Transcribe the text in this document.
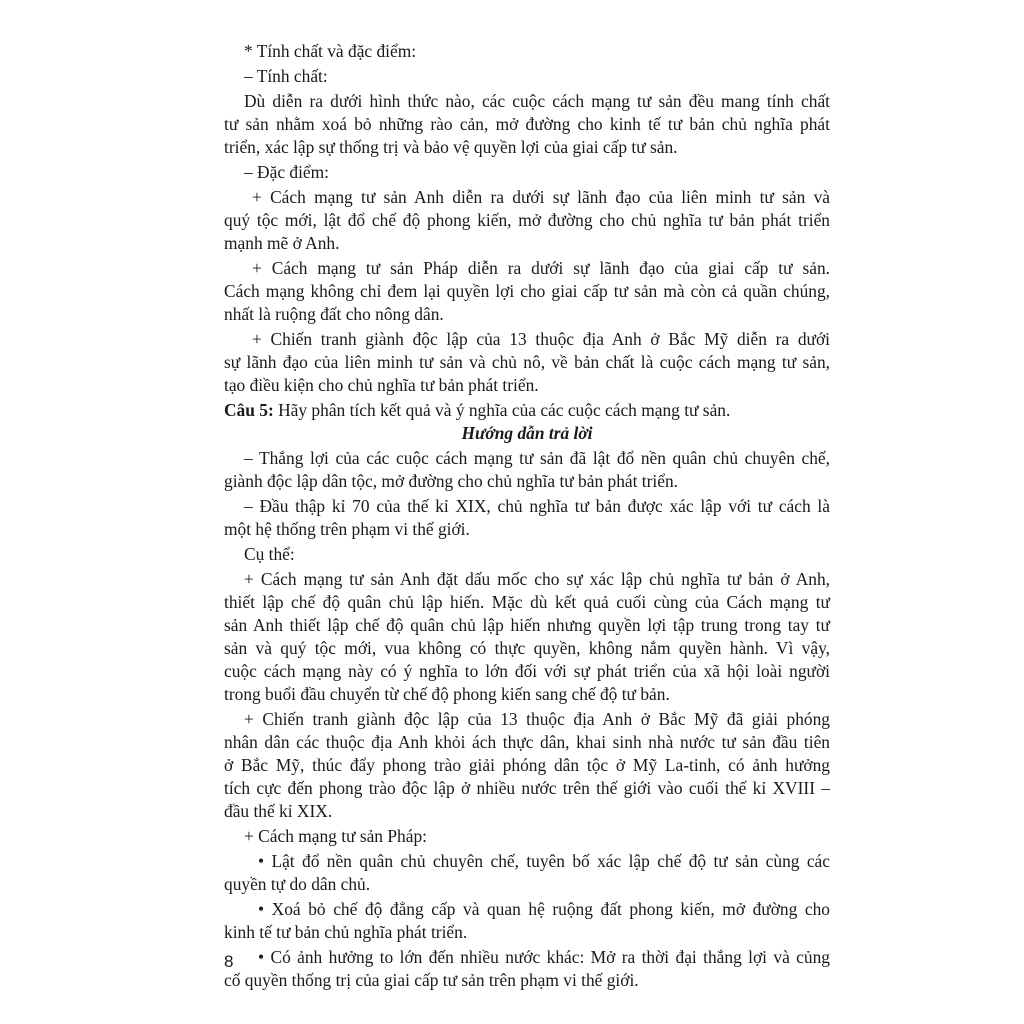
* Tính chất và đặc điểm:
– Tính chất:
Dù diễn ra dưới hình thức nào, các cuộc cách mạng tư sản đều mang tính chất
tư sản nhằm xoá bỏ những rào cản, mở đường cho kinh tế tư bản chủ nghĩa phát
triển, xác lập sự thống trị và bảo vệ quyền lợi của giai cấp tư sản.
– Đặc điểm:
+ Cách mạng tư sản Anh diễn ra dưới sự lãnh đạo của liên minh tư sản và
quý tộc mới, lật đổ chế độ phong kiến, mở đường cho chủ nghĩa tư bản phát triển
mạnh mẽ ở Anh.
+ Cách mạng tư sản Pháp diễn ra dưới sự lãnh đạo của giai cấp tư sản.
Cách mạng không chỉ đem lại quyền lợi cho giai cấp tư sản mà còn cả quần chúng,
nhất là ruộng đất cho nông dân.
+ Chiến tranh giành độc lập của 13 thuộc địa Anh ở Bắc Mỹ diễn ra dưới
sự lãnh đạo của liên minh tư sản và chủ nô, về bản chất là cuộc cách mạng tư sản,
tạo điều kiện cho chủ nghĩa tư bản phát triển.
Câu 5: Hãy phân tích kết quả và ý nghĩa của các cuộc cách mạng tư sản.
Hướng dẫn trả lời
– Thắng lợi của các cuộc cách mạng tư sản đã lật đổ nền quân chủ chuyên chế,
giành độc lập dân tộc, mở đường cho chủ nghĩa tư bản phát triển.
– Đầu thập kỉ 70 của thế kỉ XIX, chủ nghĩa tư bản được xác lập với tư cách là
một hệ thống trên phạm vi thế giới.
Cụ thể:
+ Cách mạng tư sản Anh đặt dấu mốc cho sự xác lập chủ nghĩa tư bản ở Anh,
thiết lập chế độ quân chủ lập hiến. Mặc dù kết quả cuối cùng của Cách mạng tư
sản Anh thiết lập chế độ quân chủ lập hiến nhưng quyền lợi tập trung trong tay tư
sản và quý tộc mới, vua không có thực quyền, không nắm quyền hành. Vì vậy,
cuộc cách mạng này có ý nghĩa to lớn đối với sự phát triển của xã hội loài người
trong buổi đầu chuyển từ chế độ phong kiến sang chế độ tư bản.
+ Chiến tranh giành độc lập của 13 thuộc địa Anh ở Bắc Mỹ đã giải phóng
nhân dân các thuộc địa Anh khỏi ách thực dân, khai sinh nhà nước tư sản đầu tiên
ở Bắc Mỹ, thúc đẩy phong trào giải phóng dân tộc ở Mỹ La-tinh, có ảnh hưởng
tích cực đến phong trào độc lập ở nhiều nước trên thế giới vào cuối thế kỉ XVIII –
đầu thế kỉ XIX.
+ Cách mạng tư sản Pháp:
• Lật đổ nền quân chủ chuyên chế, tuyên bố xác lập chế độ tư sản cùng các
quyền tự do dân chủ.
• Xoá bỏ chế độ đẳng cấp và quan hệ ruộng đất phong kiến, mở đường cho
kinh tế tư bản chủ nghĩa phát triển.
• Có ảnh hưởng to lớn đến nhiều nước khác: Mở ra thời đại thắng lợi và củng
cố quyền thống trị của giai cấp tư sản trên phạm vi thế giới.
8
